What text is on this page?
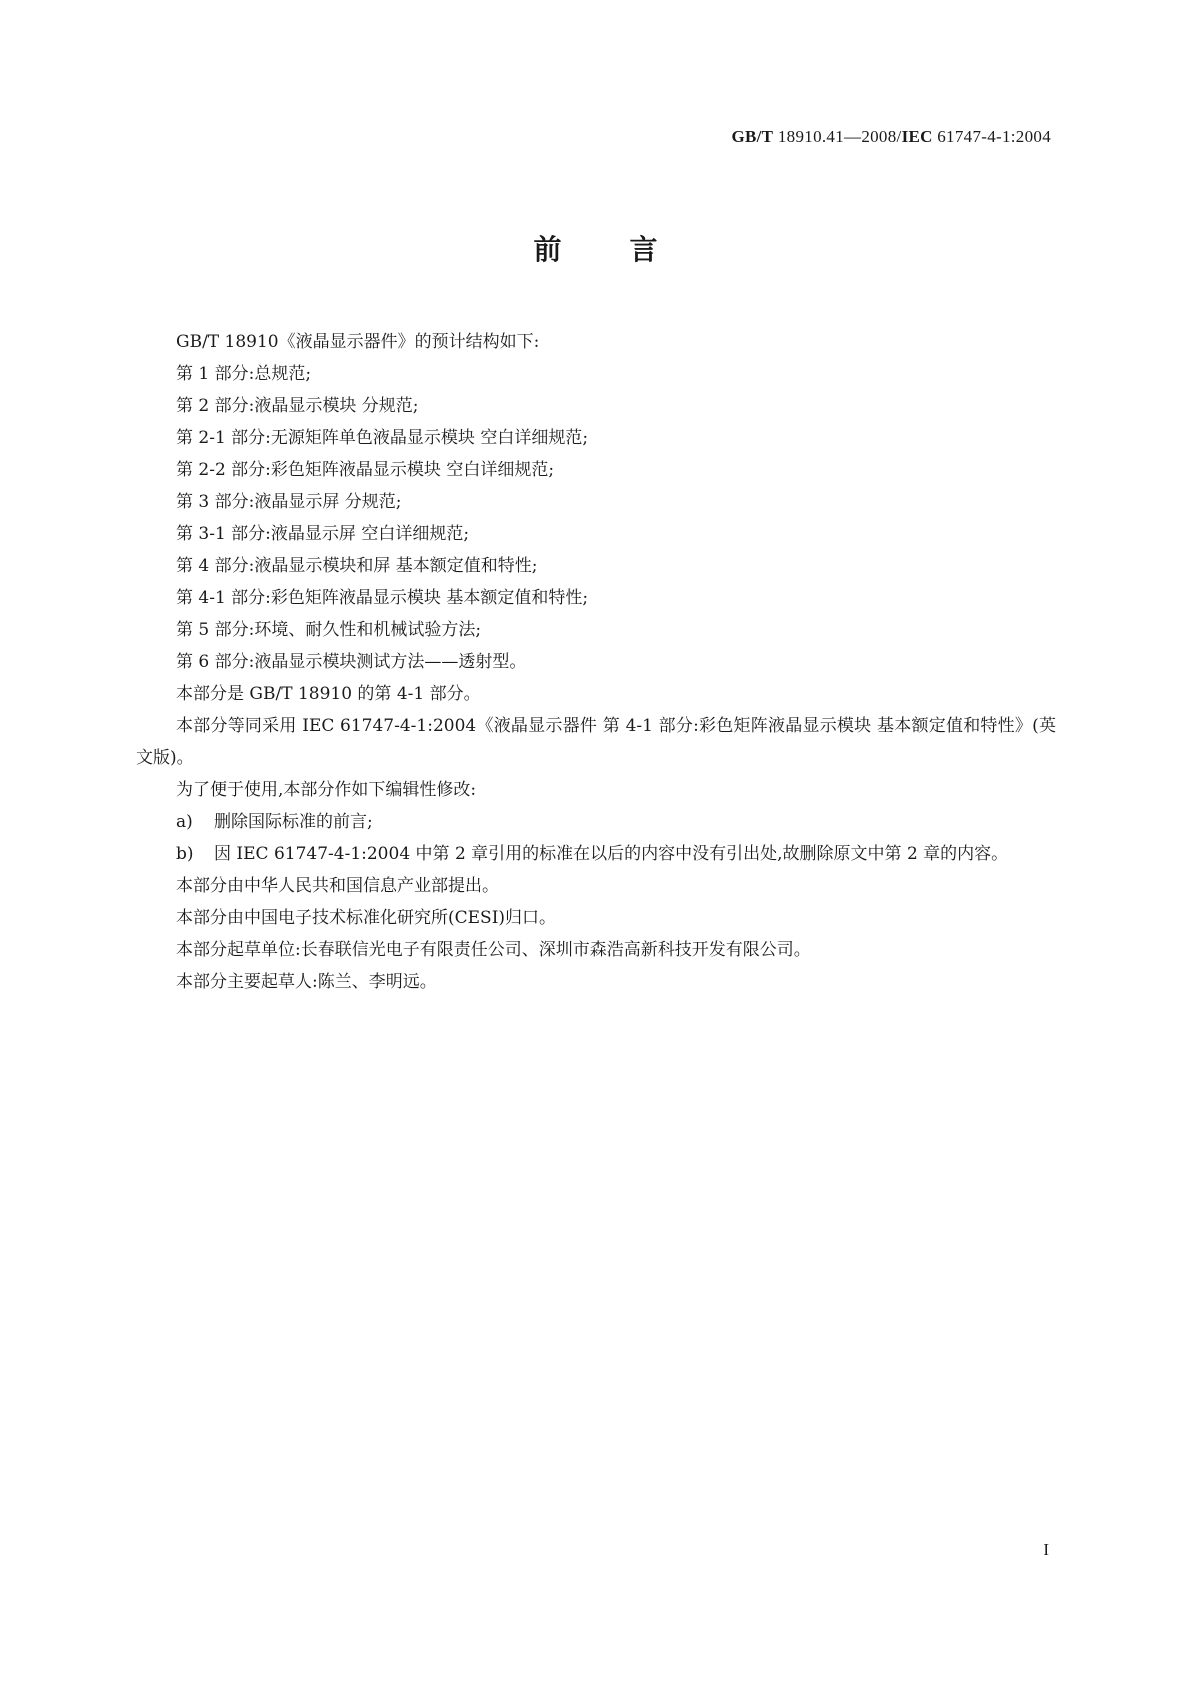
GB/T 18910.41—2008/IEC 61747-4-1:2004
前 言

GB/T 18910《液晶显示器件》的预计结构如下:

第 1 部分:总规范;

第 2 部分:液晶显示模块 分规范;

第 2-1 部分:无源矩阵单色液晶显示模块 空白详细规范;

第 2-2 部分:彩色矩阵液晶显示模块 空白详细规范;

第 3 部分:液晶显示屏 分规范;

第 3-1 部分:液晶显示屏 空白详细规范;

第 4 部分:液晶显示模块和屏 基本额定值和特性;

第 4-1 部分:彩色矩阵液晶显示模块 基本额定值和特性;

第 5 部分:环境、耐久性和机械试验方法;

第 6 部分:液晶显示模块测试方法——透射型。

本部分是 GB/T 18910 的第 4-1 部分。

本部分等同采用 IEC 61747-4-1:2004《液晶显示器件 第 4-1 部分:彩色矩阵液晶显示模块 基本额定值和特性》(英文版)。

为了便于使用,本部分作如下编辑性修改:

a)	删除国际标准的前言;
b)	因 IEC 61747-4-1:2004 中第 2 章引用的标准在以后的内容中没有引出处,故删除原文中第 2 章的内容。

本部分由中华人民共和国信息产业部提出。

本部分由中国电子技术标准化研究所(CESI)归口。

本部分起草单位:长春联信光电子有限责任公司、深圳市森浩高新科技开发有限公司。

本部分主要起草人:陈兰、李明远。

I
